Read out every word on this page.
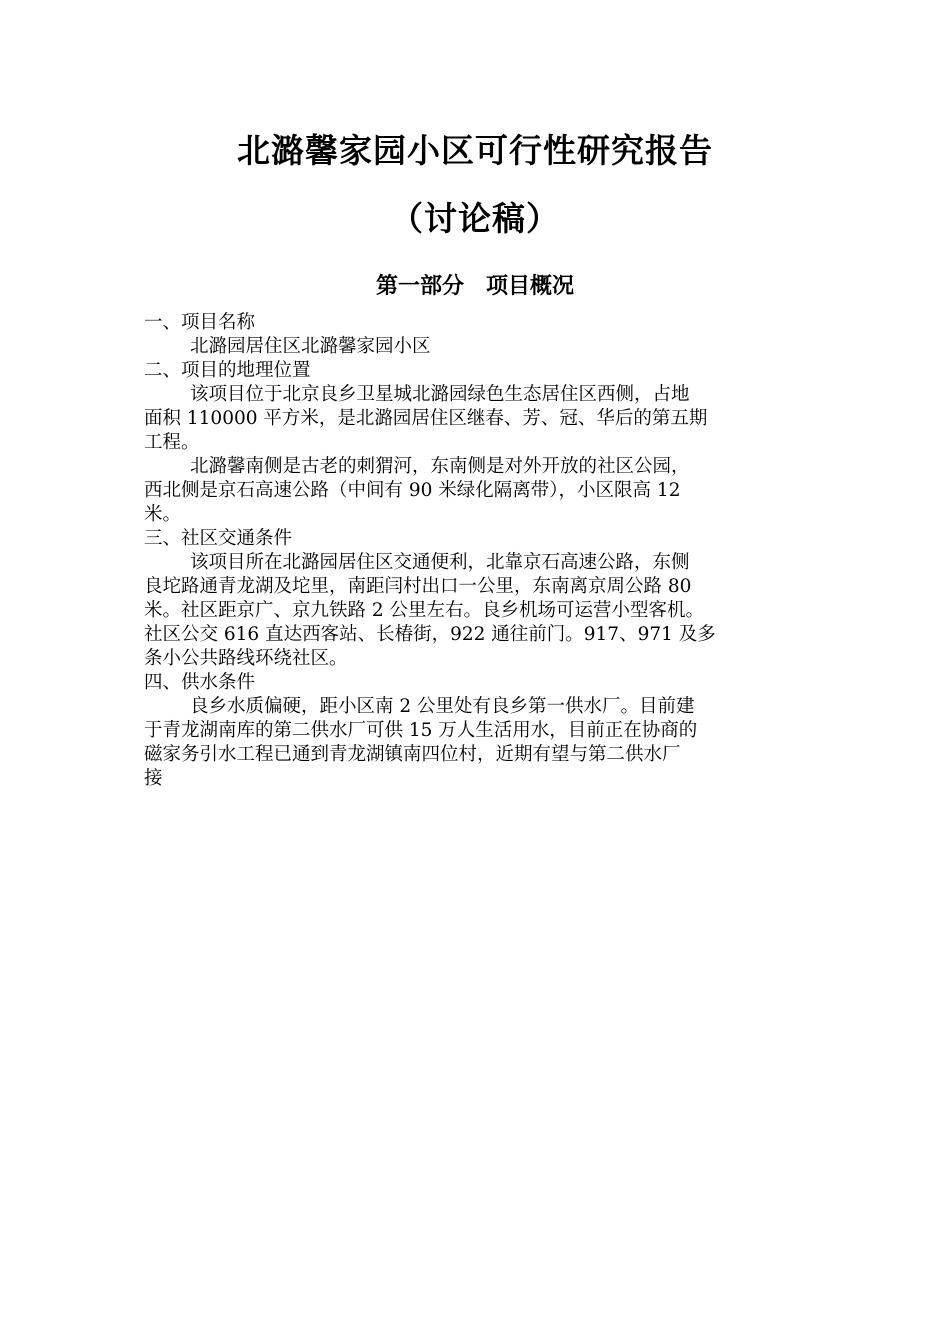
北潞馨家园小区可行性研究报告
（讨论稿）
第一部分　项目概况
一、项目名称
北潞园居住区北潞馨家园小区
二、项目的地理位置
该项目位于北京良乡卫星城北潞园绿色生态居住区西侧，占地
面积 110000 平方米，是北潞园居住区继春、芳、冠、华后的第五期
工程。
北潞馨南侧是古老的刺猬河，东南侧是对外开放的社区公园，
西北侧是京石高速公路（中间有 90 米绿化隔离带），小区限高 12
米。
三、社区交通条件
该项目所在北潞园居住区交通便利，北靠京石高速公路，东侧
良坨路通青龙湖及坨里，南距闫村出口一公里，东南离京周公路 80
米。社区距京广、京九铁路 2 公里左右。良乡机场可运营小型客机。
社区公交 616 直达西客站、长椿街，922 通往前门。917、971 及多
条小公共路线环绕社区。
四、供水条件
良乡水质偏硬，距小区南 2 公里处有良乡第一供水厂。目前建
于青龙湖南库的第二供水厂可供 15 万人生活用水，目前正在协商的
磁家务引水工程已通到青龙湖镇南四位村，近期有望与第二供水厂
接
